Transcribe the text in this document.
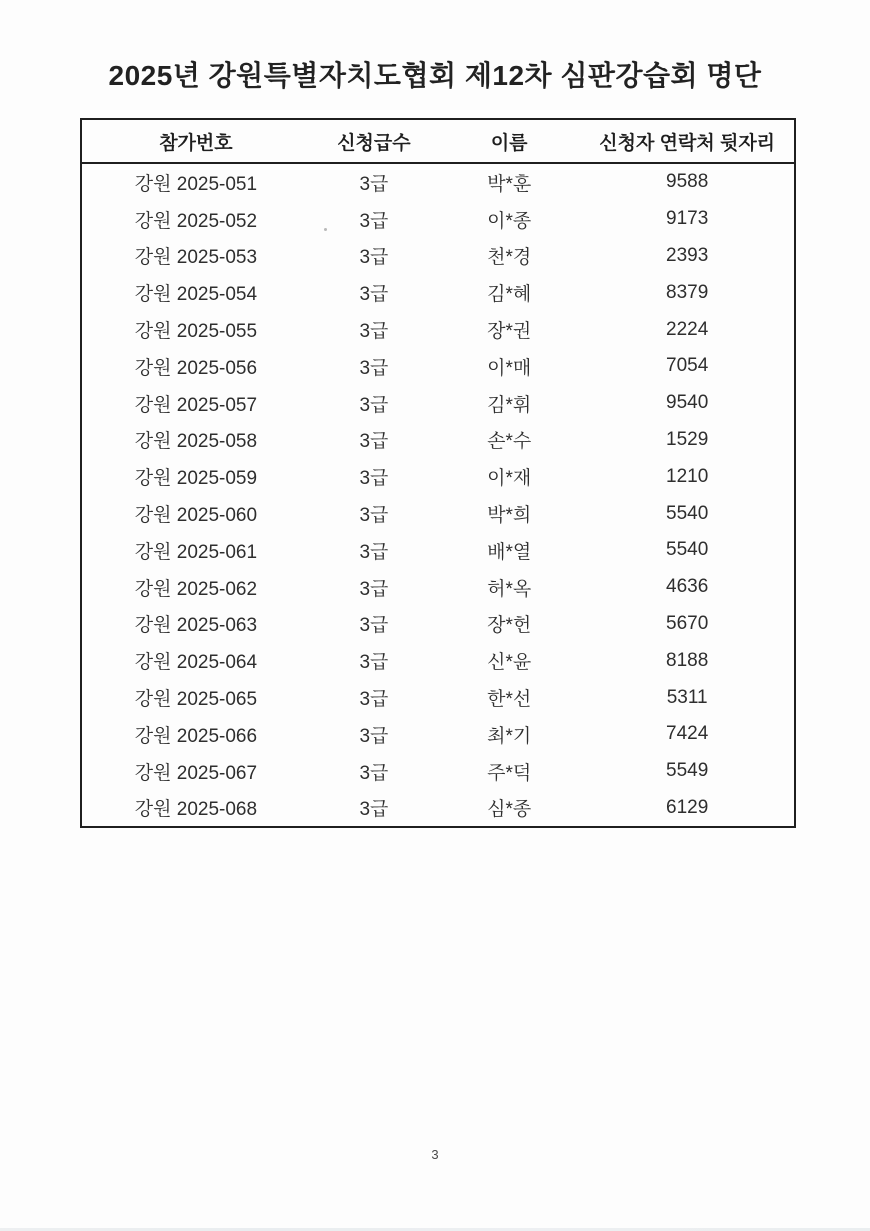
2025년 강원특별자치도협회 제12차 심판강습회 명단
참가번호	신청급수	이름	신청자 연락처 뒷자리
강원 2025-051	3급	박*훈	9588
강원 2025-052	3급	이*종	9173
강원 2025-053	3급	천*경	2393
강원 2025-054	3급	김*혜	8379
강원 2025-055	3급	장*권	2224
강원 2025-056	3급	이*매	7054
강원 2025-057	3급	김*휘	9540
강원 2025-058	3급	손*수	1529
강원 2025-059	3급	이*재	1210
강원 2025-060	3급	박*희	5540
강원 2025-061	3급	배*열	5540
강원 2025-062	3급	허*옥	4636
강원 2025-063	3급	장*헌	5670
강원 2025-064	3급	신*윤	8188
강원 2025-065	3급	한*선	5311
강원 2025-066	3급	최*기	7424
강원 2025-067	3급	주*덕	5549
강원 2025-068	3급	심*종	6129
3
